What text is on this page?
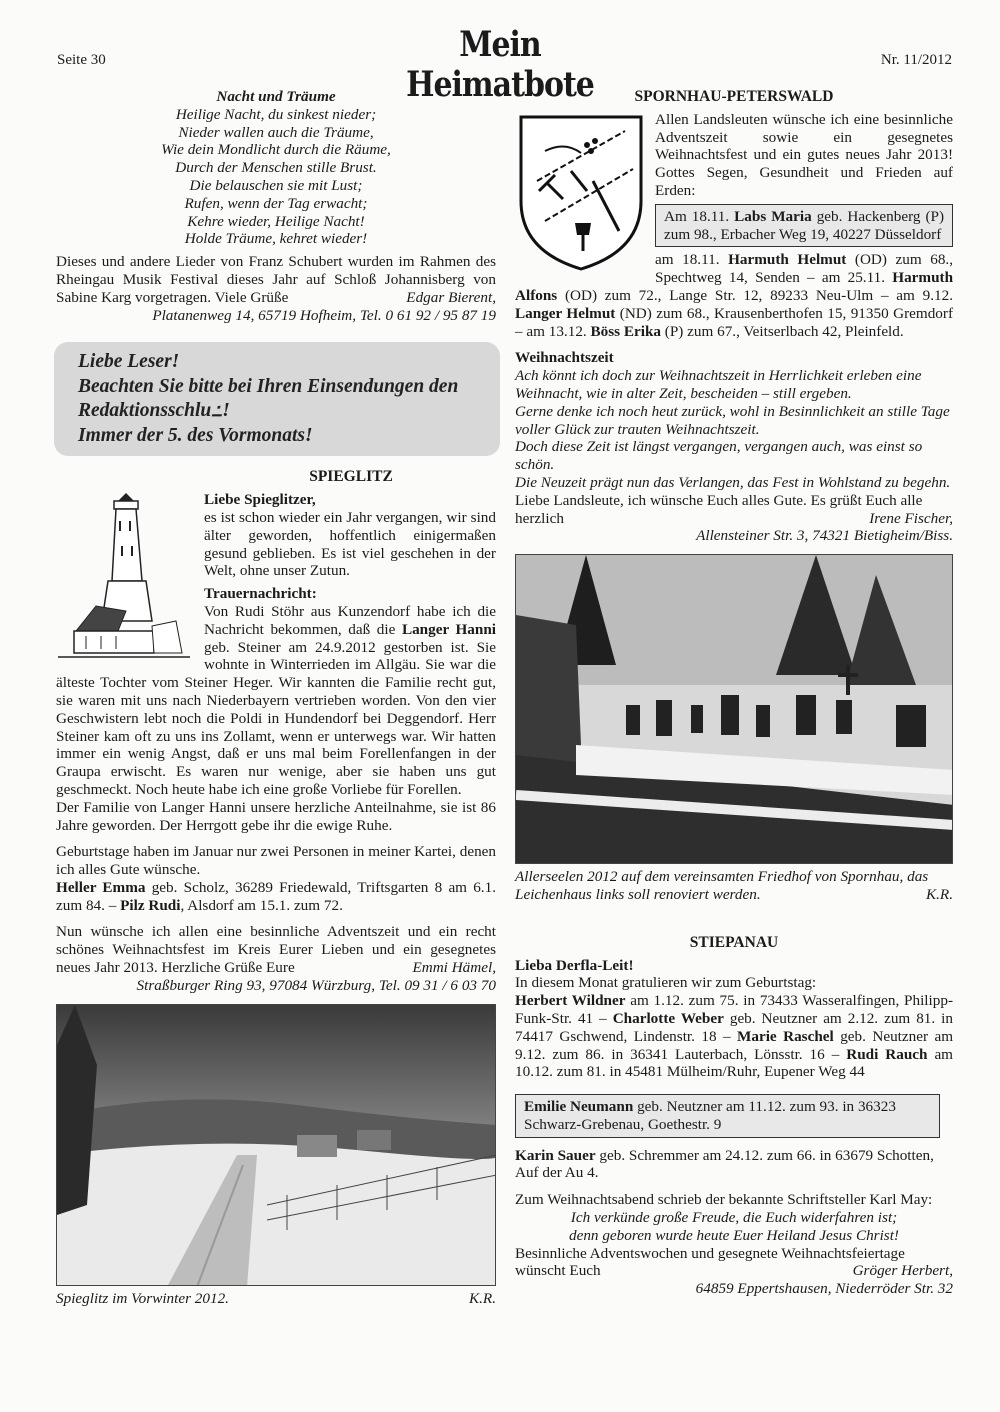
Seite 30	Mein Heimatbote
Nr. 11/2012
Nacht und Träume
Heilige Nacht, du sinkest nieder;
Nieder wallen auch die Träume,
Wie dein Mondlicht durch die Räume,
Durch der Menschen stille Brust.
Die belauschen sie mit Lust;
Rufen, wenn der Tag erwacht;
Kehre wieder, Heilige Nacht!
Holde Träume, kehret wieder!
Dieses und andere Lieder von Franz Schubert wurden im Rahmen des Rheingau Musik Festival dieses Jahr auf Schloß Johannisberg von Sabine Karg vorgetragen. Viele Grüße	Edgar Bierent,
Platanenweg 14, 65719 Hofheim, Tel. 0 61 92 / 95 87 19
Liebe Leser!
Beachten Sie bitte bei Ihren Einsendungen den Redaktionsschlu߸!
Immer der 5. des Vormonats!
SPIEGLITZ
Liebe Spieglitzer,
es ist schon wieder ein Jahr vergangen, wir sind älter geworden, hoffentlich einigermaßen gesund geblieben. Es ist viel geschehen in der Welt, ohne unser Zutun.
Trauernachricht:
Von Rudi Stöhr aus Kunzendorf habe ich die Nachricht bekommen, daß die Langer Hanni geb. Steiner am 24.9.2012 gestorben ist. Sie wohnte in Winterrieden im Allgäu. Sie war die älteste Tochter vom Steiner Heger. Wir kannten die Familie recht gut, sie waren mit uns nach Niederbayern vertrieben worden. Von den vier Geschwistern lebt noch die Poldi in Hundendorf bei Deggendorf. Herr Steiner kam oft zu uns ins Zollamt, wenn er unterwegs war. Wir hatten immer ein wenig Angst, daß er uns mal beim Forellenfangen in der Graupa erwischt. Es waren nur wenige, aber sie haben uns gut geschmeckt. Noch heute habe ich eine große Vorliebe für Forellen.
Der Familie von Langer Hanni unsere herzliche Anteilnahme, sie ist 86 Jahre geworden. Der Herrgott gebe ihr die ewige Ruhe.
Geburtstage haben im Januar nur zwei Personen in meiner Kartei, denen ich alles Gute wünsche.
Heller Emma geb. Scholz, 36289 Friedewald, Triftsgarten 8 am 6.1. zum 84. – Pilz Rudi, Alsdorf am 15.1. zum 72.
Nun wünsche ich allen eine besinnliche Adventszeit und ein recht schönes Weihnachtsfest im Kreis Eurer Lieben und ein gesegnetes neues Jahr 2013. Herzliche Grüße Eure	Emmi Hämel,
Straßburger Ring 93, 97084 Würzburg, Tel. 09 31 / 6 03 70
Spieglitz im Vorwinter 2012.	K.R.
SPORNHAU-PETERSWALD
Allen Landsleuten wünsche ich eine besinnliche Adventszeit sowie ein gesegnetes Weihnachtsfest und ein gutes neues Jahr 2013! Gottes Segen, Gesundheit und Frieden auf Erden:
Am 18.11. Labs Maria geb. Hackenberg (P) zum 98., Erbacher Weg 19, 40227 Düsseldorf
am 18.11. Harmuth Helmut (OD) zum 68., Spechtweg 14, Senden – am 25.11. Harmuth Alfons (OD) zum 72., Lange Str. 12, 89233 Neu-Ulm – am 9.12. Langer Helmut (ND) zum 68., Krausenberthofen 15, 91350 Gremdorf – am 13.12. Böss Erika (P) zum 67., Veitserlbach 42, Pleinfeld.
Weihnachtszeit
Ach könnt ich doch zur Weihnachtszeit in Herrlichkeit erleben eine Weihnacht, wie in alter Zeit, bescheiden – still ergeben.
Gerne denke ich noch heut zurück, wohl in Besinnlichkeit an stille Tage voller Glück zur trauten Weihnachtszeit.
Doch diese Zeit ist längst vergangen, vergangen auch, was einst so schön.
Die Neuzeit prägt nun das Verlangen, das Fest in Wohlstand zu begehn.
Liebe Landsleute, ich wünsche Euch alles Gute. Es grüßt Euch alle herzlich	Irene Fischer,
Allensteiner Str. 3, 74321 Bietigheim/Biss.
Allerseelen 2012 auf dem vereinsamten Friedhof von Spornhau, das Leichenhaus links soll renoviert werden.	K.R.
STIEPANAU
Lieba Derfla-Leit!
In diesem Monat gratulieren wir zum Geburtstag:
Herbert Wildner am 1.12. zum 75. in 73433 Wasseralfingen, Philipp-Funk-Str. 41 – Charlotte Weber geb. Neutzner am 2.12. zum 81. in 74417 Gschwend, Lindenstr. 18 – Marie Raschel geb. Neutzner am 9.12. zum 86. in 36341 Lauterbach, Lönsstr. 16 – Rudi Rauch am 10.12. zum 81. in 45481 Mülheim/Ruhr, Eupener Weg 44
Emilie Neumann geb. Neutzner am 11.12. zum 93. in 36323 Schwarz-Grebenau, Goethestr. 9
Karin Sauer geb. Schremmer am 24.12. zum 66. in 63679 Schotten, Auf der Au 4.
Zum Weihnachtsabend schrieb der bekannte Schriftsteller Karl May:
Ich verkünde große Freude, die Euch widerfahren ist;
denn geboren wurde heute Euer Heiland Jesus Christ!
Besinnliche Adventswochen und gesegnete Weihnachtsfeiertage wünscht Euch	Gröger Herbert,
64859 Eppertshausen, Niederröder Str. 32
